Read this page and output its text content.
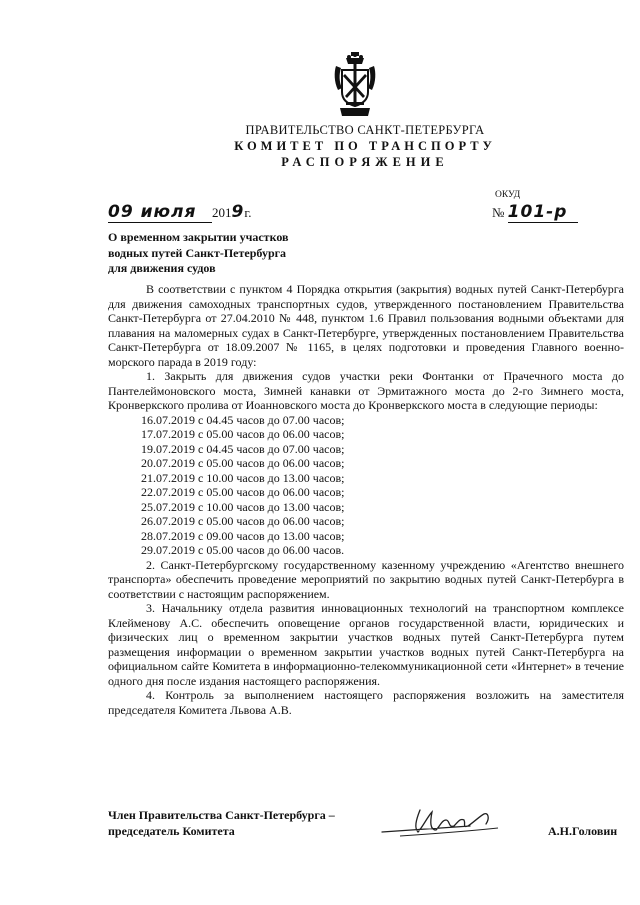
ПРАВИТЕЛЬСТВО САНКТ-ПЕТЕРБУРГА
КОМИТЕТ ПО ТРАНСПОРТУ
РАСПОРЯЖЕНИЕ
ОКУД
09 июля 2019г.	№ 101-р
О временном закрытии участков
водных путей Санкт-Петербурга
для движения судов

В соответствии с пунктом 4 Порядка открытия (закрытия) водных путей Санкт-Петербурга для движения самоходных транспортных судов, утвержденного постановлением Правительства Санкт-Петербурга от 27.04.2010 № 448, пунктом 1.6 Правил пользования водными объектами для плавания на маломерных судах в Санкт-Петербурге, утвержденных постановлением Правительства Санкт-Петербурга от 18.09.2007 № 1165, в целях подготовки и проведения Главного военно-морского парада в 2019 году:

1. Закрыть для движения судов участки реки Фонтанки от Прачечного моста до Пантелеймоновского моста, Зимней канавки от Эрмитажного моста до 2-го Зимнего моста, Кронверкского пролива от Иоанновского моста до Кронверкского моста в следующие периоды:

16.07.2019 с 04.45 часов до 07.00 часов;
17.07.2019 с 05.00 часов до 06.00 часов;
19.07.2019 с 04.45 часов до 07.00 часов;
20.07.2019 с 05.00 часов до 06.00 часов;
21.07.2019 с 10.00 часов до 13.00 часов;
22.07.2019 с 05.00 часов до 06.00 часов;
25.07.2019 с 10.00 часов до 13.00 часов;
26.07.2019 с 05.00 часов до 06.00 часов;
28.07.2019 с 09.00 часов до 13.00 часов;
29.07.2019 с 05.00 часов до 06.00 часов.

2. Санкт-Петербургскому государственному казенному учреждению «Агентство внешнего транспорта» обеспечить проведение мероприятий по закрытию водных путей Санкт-Петербурга в соответствии с настоящим распоряжением.

3. Начальнику отдела развития инновационных технологий на транспортном комплексе Клейменову А.С. обеспечить оповещение органов государственной власти, юридических и физических лиц о временном закрытии участков водных путей Санкт-Петербурга путем размещения информации о временном закрытии участков водных путей Санкт-Петербурга на официальном сайте Комитета в информационно-телекоммуникационной сети «Интернет» в течение одного дня после издания настоящего распоряжения.

4. Контроль за выполнением настоящего распоряжения возложить на заместителя председателя Комитета Львова А.В.

Член Правительства Санкт-Петербурга –
председатель Комитета	А.Н.Головин
